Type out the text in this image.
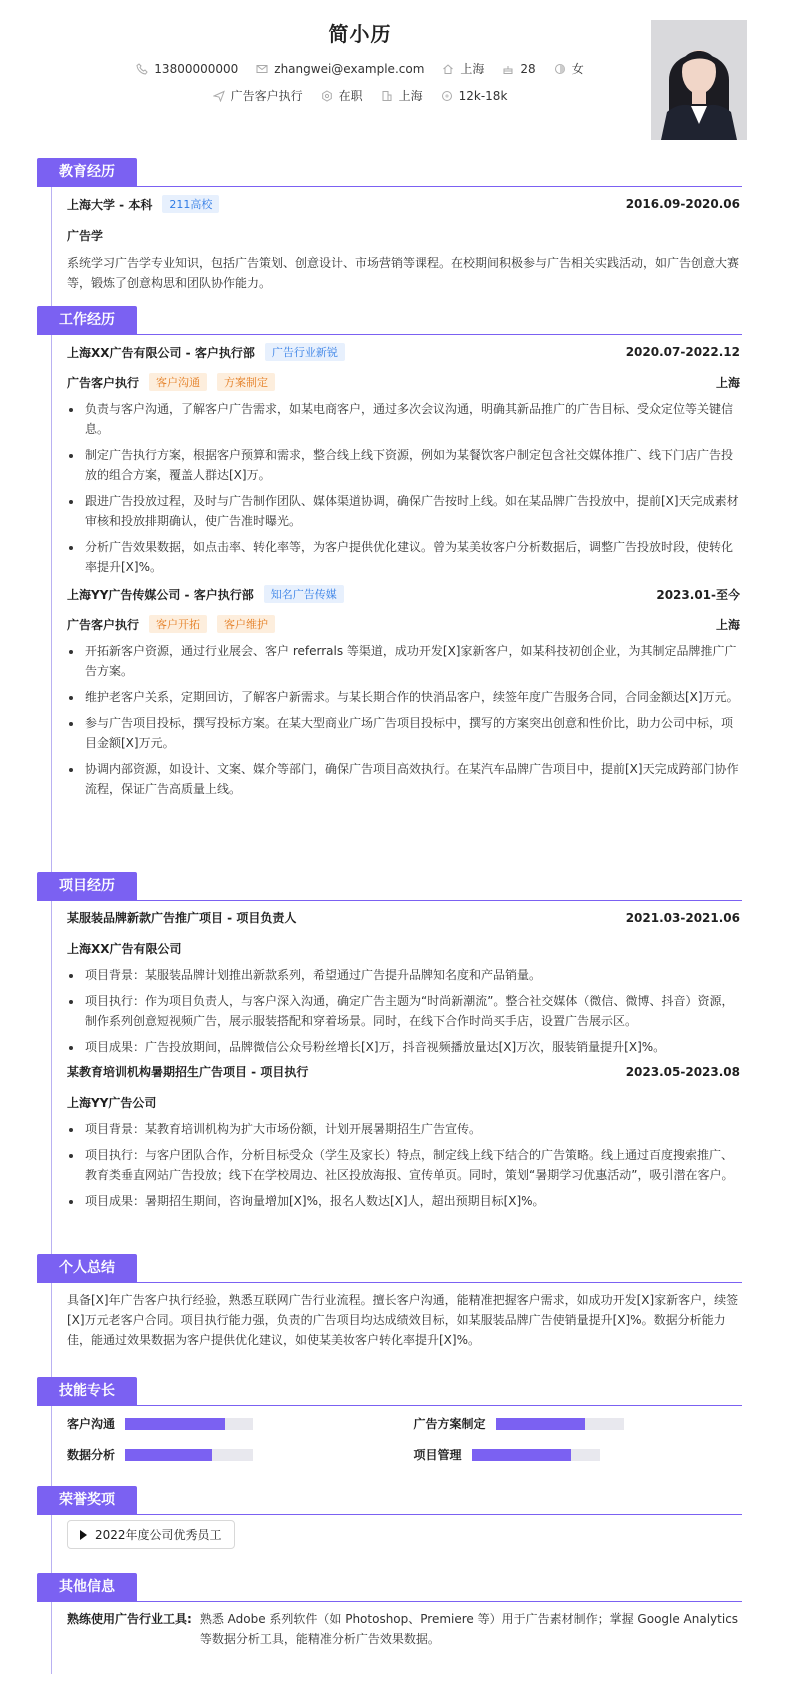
简小历
13800000000	zhangwei@example.com	上海	28	女
广告客户执行	在职	上海	12k-18k
教育经历
上海大学 - 本科	211高校	2016.09-2020.06
广告学
系统学习广告学专业知识，包括广告策划、创意设计、市场营销等课程。在校期间积极参与广告相关实践活动，如广告创意大赛等，锻炼了创意构思和团队协作能力。
工作经历
上海XX广告有限公司 - 客户执行部	广告行业新锐	2020.07-2022.12
广告客户执行	客户沟通	方案制定	上海
• 负责与客户沟通，了解客户广告需求，如某电商客户，通过多次会议沟通，明确其新品推广的广告目标、受众定位等关键信息。
• 制定广告执行方案，根据客户预算和需求，整合线上线下资源，例如为某餐饮客户制定包含社交媒体推广、线下门店广告投放的组合方案，覆盖人群达[X]万。
• 跟进广告投放过程，及时与广告制作团队、媒体渠道协调，确保广告按时上线。如在某品牌广告投放中，提前[X]天完成素材审核和投放排期确认，使广告准时曝光。
• 分析广告效果数据，如点击率、转化率等，为客户提供优化建议。曾为某美妆客户分析数据后，调整广告投放时段，使转化率提升[X]%。
上海YY广告传媒公司 - 客户执行部	知名广告传媒	2023.01-至今
广告客户执行	客户开拓	客户维护	上海
• 开拓新客户资源，通过行业展会、客户 referrals 等渠道，成功开发[X]家新客户，如某科技初创企业，为其制定品牌推广广告方案。
• 维护老客户关系，定期回访，了解客户新需求。与某长期合作的快消品客户，续签年度广告服务合同，合同金额达[X]万元。
• 参与广告项目投标，撰写投标方案。在某大型商业广场广告项目投标中，撰写的方案突出创意和性价比，助力公司中标，项目金额[X]万元。
• 协调内部资源，如设计、文案、媒介等部门，确保广告项目高效执行。在某汽车品牌广告项目中，提前[X]天完成跨部门协作流程，保证广告高质量上线。
项目经历
某服装品牌新款广告推广项目 - 项目负责人	2021.03-2021.06
上海XX广告有限公司
• 项目背景：某服装品牌计划推出新款系列，希望通过广告提升品牌知名度和产品销量。
• 项目执行：作为项目负责人，与客户深入沟通，确定广告主题为“时尚新潮流”。整合社交媒体（微信、微博、抖音）资源，制作系列创意短视频广告，展示服装搭配和穿着场景。同时，在线下合作时尚买手店，设置广告展示区。
• 项目成果：广告投放期间，品牌微信公众号粉丝增长[X]万，抖音视频播放量达[X]万次，服装销量提升[X]%。
某教育培训机构暑期招生广告项目 - 项目执行	2023.05-2023.08
上海YY广告公司
• 项目背景：某教育培训机构为扩大市场份额，计划开展暑期招生广告宣传。
• 项目执行：与客户团队合作，分析目标受众（学生及家长）特点，制定线上线下结合的广告策略。线上通过百度搜索推广、教育类垂直网站广告投放；线下在学校周边、社区投放海报、宣传单页。同时，策划“暑期学习优惠活动”，吸引潜在客户。
• 项目成果：暑期招生期间，咨询量增加[X]%，报名人数达[X]人，超出预期目标[X]%。
个人总结
具备[X]年广告客户执行经验，熟悉互联网广告行业流程。擅长客户沟通，能精准把握客户需求，如成功开发[X]家新客户，续签[X]万元老客户合同。项目执行能力强，负责的广告项目均达成绩效目标，如某服装品牌广告使销量提升[X]%。数据分析能力佳，能通过效果数据为客户提供优化建议，如使某美妆客户转化率提升[X]%。
技能专长
客户沟通	广告方案制定
数据分析	项目管理
荣誉奖项
2022年度公司优秀员工
其他信息
熟练使用广告行业工具: 熟悉 Adobe 系列软件（如 Photoshop、Premiere 等）用于广告素材制作；掌握 Google Analytics 等数据分析工具，能精准分析广告效果数据。
